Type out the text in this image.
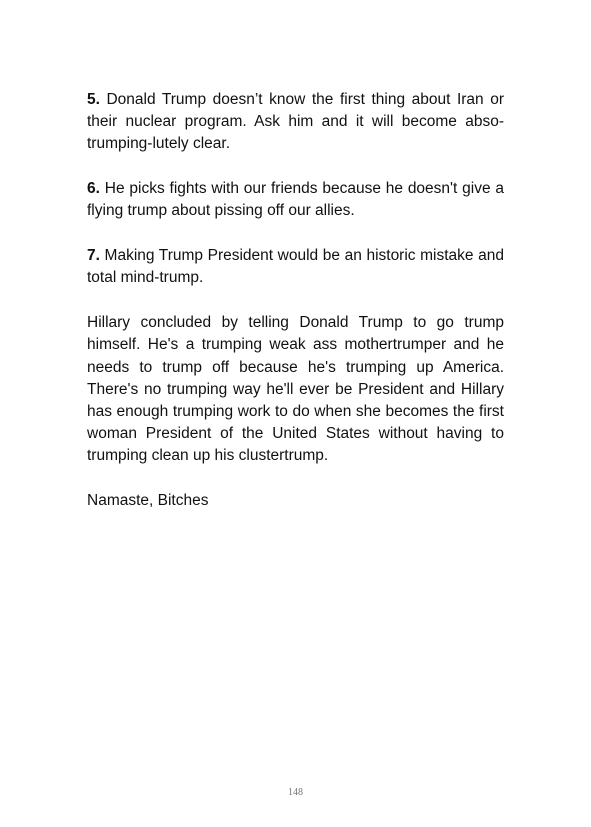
5. Donald Trump doesn’t know the first thing about Iran or their nuclear program. Ask him and it will become abso-trumping-lutely clear.

6. He picks fights with our friends because he doesn't give a flying trump about pissing off our allies.

7. Making Trump President would be an historic mistake and total mind-trump.

Hillary concluded by telling Donald Trump to go trump himself. He's a trumping weak ass mothertrumper and he needs to trump off because he's trumping up America. There's no trumping way he'll ever be President and Hillary has enough trumping work to do when she becomes the first woman President of the United States without having to trumping clean up his clustertrump.

Namaste, Bitches

148
